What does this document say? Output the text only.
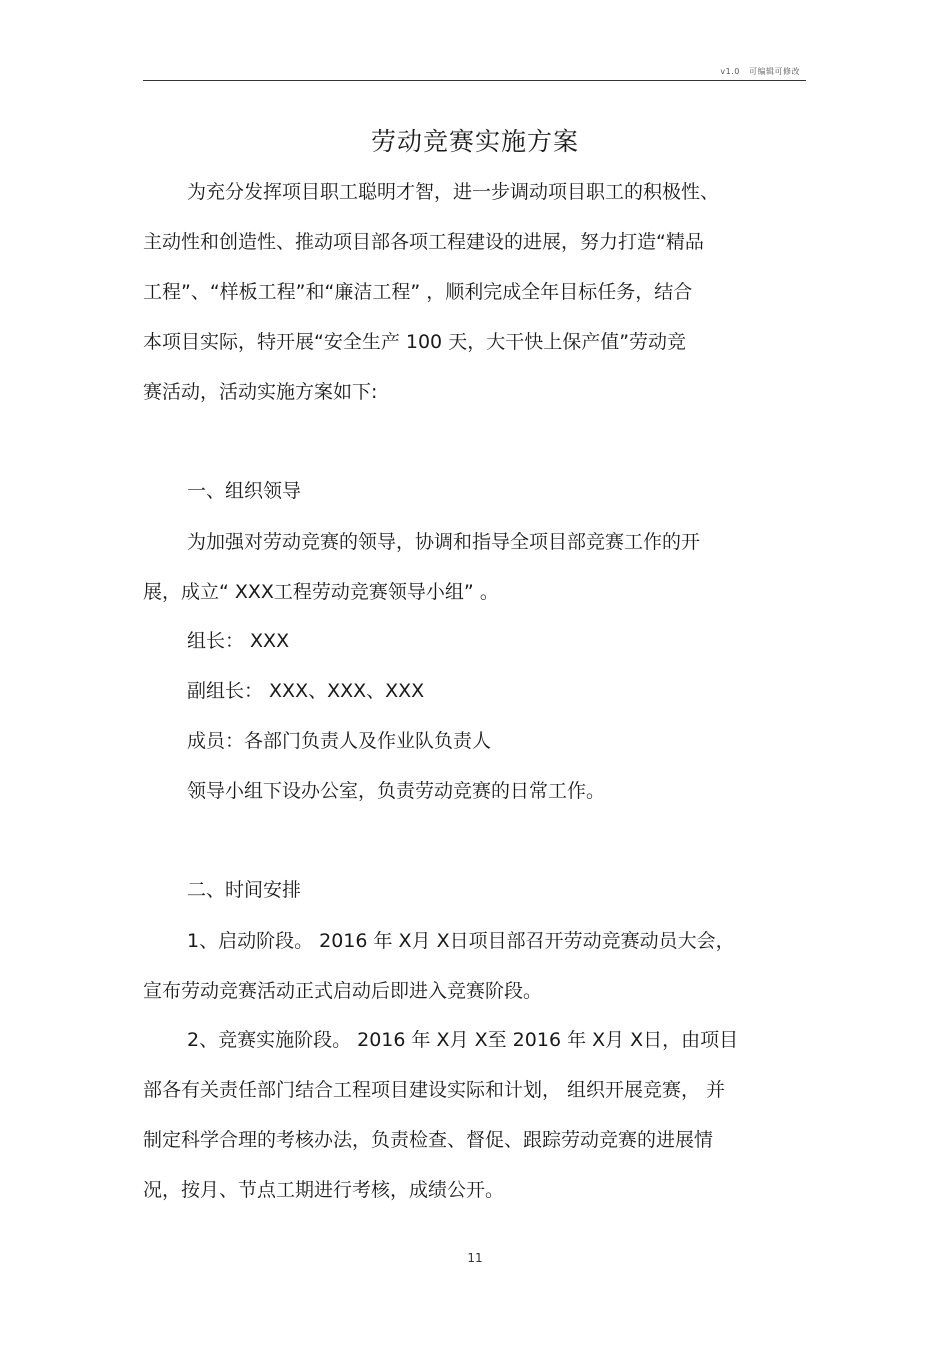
v1.0 可编辑可修改
劳动竞赛实施方案
为充分发挥项目职工聪明才智，进一步调动项目职工的积极性、
主动性和创造性、推动项目部各项工程建设的进展，努力打造“精品
工程”、“样板工程”和“廉洁工程” ，顺利完成全年目标任务，结合
本项目实际，特开展“安全生产 100 天，大干快上保产值”劳动竞
赛活动，活动实施方案如下:
一、组织领导
为加强对劳动竞赛的领导，协调和指导全项目部竞赛工作的开
展，成立“ XXX工程劳动竞赛领导小组” 。
组长： XXX
副组长： XXX、XXX、XXX
成员：各部门负责人及作业队负责人
领导小组下设办公室，负责劳动竞赛的日常工作。
二、时间安排
1、启动阶段。 2016 年 X月 X日项目部召开劳动竞赛动员大会，
宣布劳动竞赛活动正式启动后即进入竞赛阶段。
2、竞赛实施阶段。 2016 年 X月 X至 2016 年 X月 X日，由项目
部各有关责任部门结合工程项目建设实际和计划， 组织开展竞赛， 并
制定科学合理的考核办法，负责检查、督促、跟踪劳动竞赛的进展情
况，按月、节点工期进行考核，成绩公开。
11
